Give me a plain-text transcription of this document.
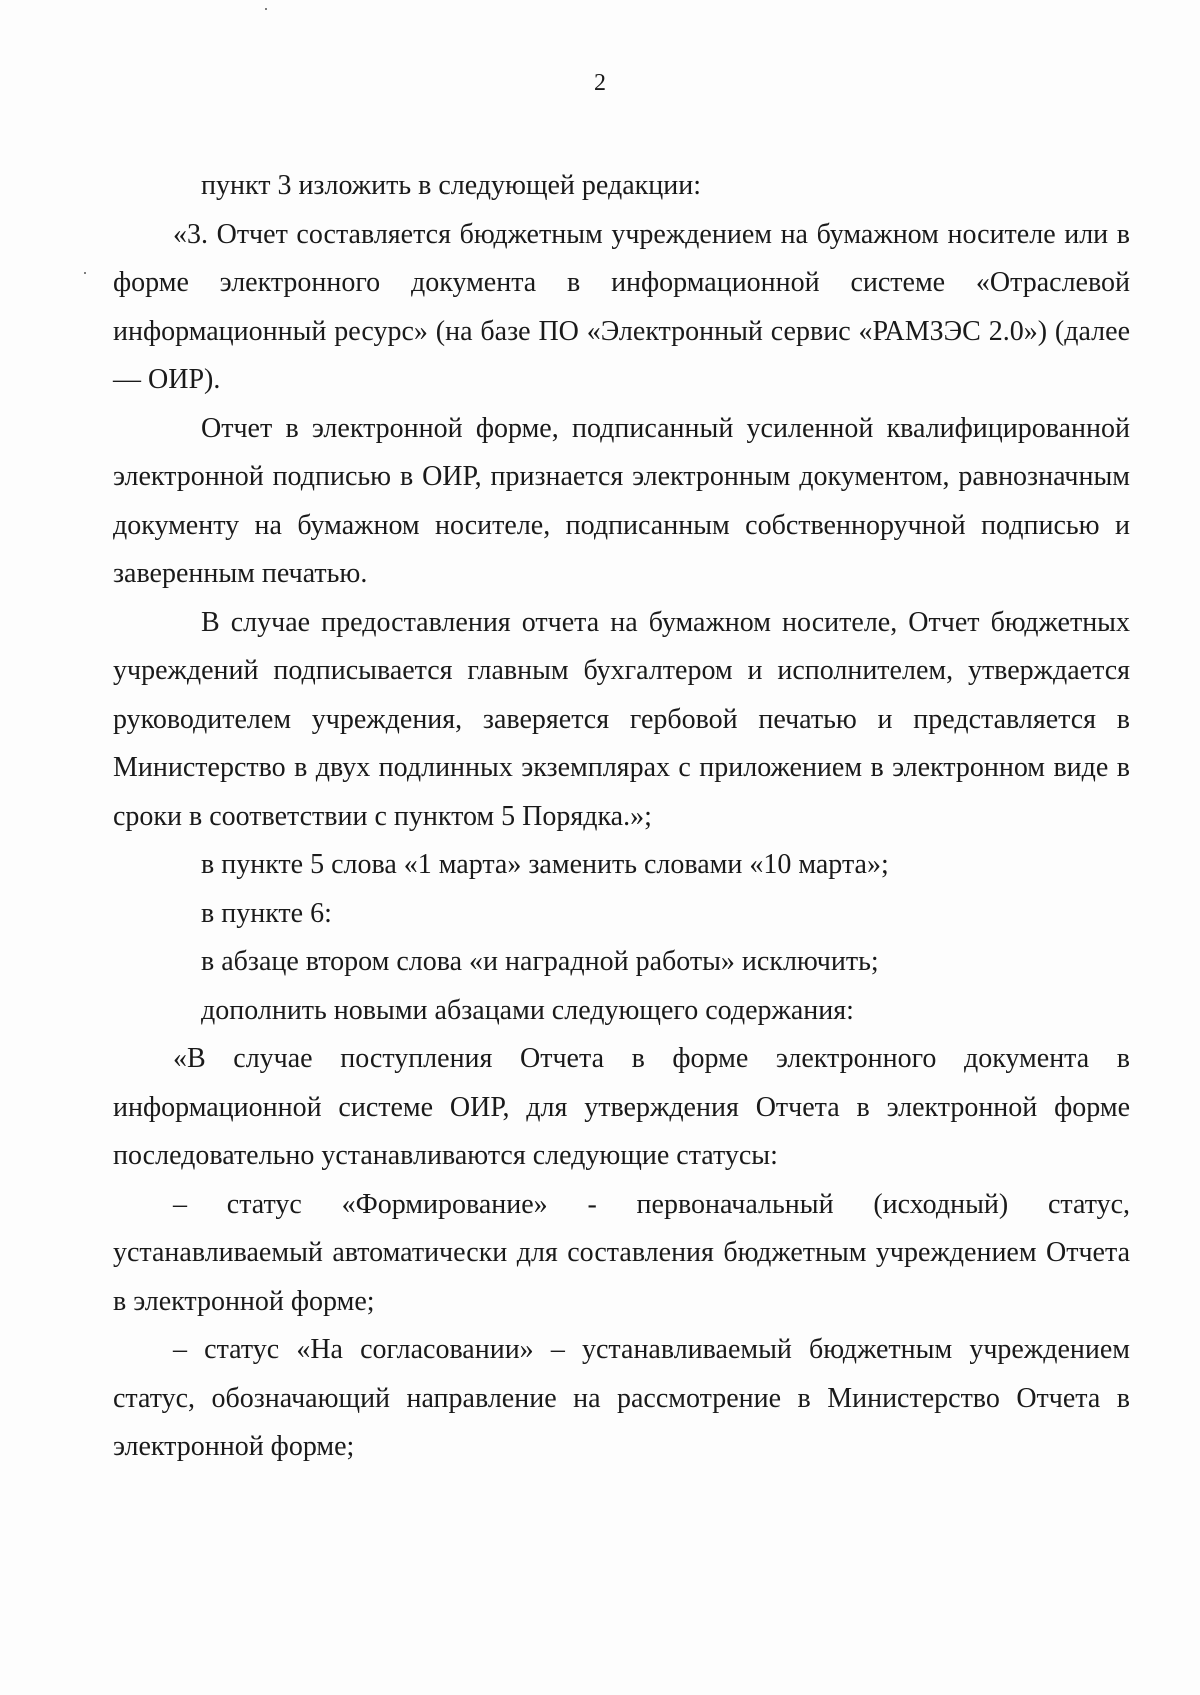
2

пункт 3 изложить в следующей редакции:

«3. Отчет составляется бюджетным учреждением на бумажном носителе или в форме электронного документа в информационной системе «Отраслевой информационный ресурс» (на базе ПО «Электронный сервис «РАМЗЭС 2.0») (далее — ОИР).

Отчет в электронной форме, подписанный усиленной квалифицированной электронной подписью в ОИР, признается электронным документом, равнозначным документу на бумажном носителе, подписанным собственноручной подписью и заверенным печатью.

В случае предоставления отчета на бумажном носителе, Отчет бюджетных учреждений подписывается главным бухгалтером и исполнителем, утверждается руководителем учреждения, заверяется гербовой печатью и представляется в Министерство в двух подлинных экземплярах с приложением в электронном виде в сроки в соответствии с пунктом 5 Порядка.»;

в пункте 5 слова «1 марта» заменить словами «10 марта»;

в пункте 6:

в абзаце втором слова «и наградной работы» исключить;

дополнить новыми абзацами следующего содержания:

«В случае поступления Отчета в форме электронного документа в информационной системе ОИР, для утверждения Отчета в электронной форме последовательно устанавливаются следующие статусы:

– статус «Формирование» - первоначальный (исходный) статус, устанавливаемый автоматически для составления бюджетным учреждением Отчета в электронной форме;

– статус «На согласовании» – устанавливаемый бюджетным учреждением статус, обозначающий направление на рассмотрение в Министерство Отчета в электронной форме;
